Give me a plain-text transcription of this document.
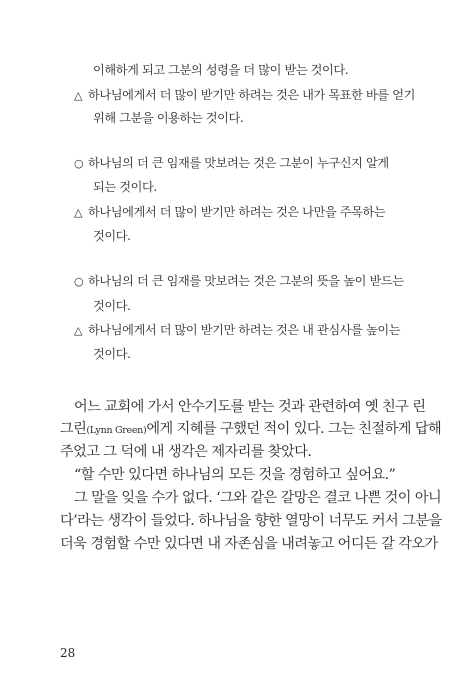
이해하게 되고 그분의 성령을 더 많이 받는 것이다.
△ 하나님에게서 더 많이 받기만 하려는 것은 내가 목표한 바를 얻기
위해 그분을 이용하는 것이다.
○ 하나님의 더 큰 임재를 맛보려는 것은 그분이 누구신지 알게
되는 것이다.
△ 하나님에게서 더 많이 받기만 하려는 것은 나만을 주목하는
것이다.
○ 하나님의 더 큰 임재를 맛보려는 것은 그분의 뜻을 높이 받드는
것이다.
△ 하나님에게서 더 많이 받기만 하려는 것은 내 관심사를 높이는
것이다.
어느 교회에 가서 안수기도를 받는 것과 관련하여 옛 친구 린
그린(Lynn Green)에게 지혜를 구했던 적이 있다. 그는 친절하게 답해
주었고 그 덕에 내 생각은 제자리를 찾았다.
“할 수만 있다면 하나님의 모든 것을 경험하고 싶어요.”
그 말을 잊을 수가 없다. ‘그와 같은 갈망은 결코 나쁜 것이 아니
다’라는 생각이 들었다. 하나님을 향한 열망이 너무도 커서 그분을
더욱 경험할 수만 있다면 내 자존심을 내려놓고 어디든 갈 각오가
28
